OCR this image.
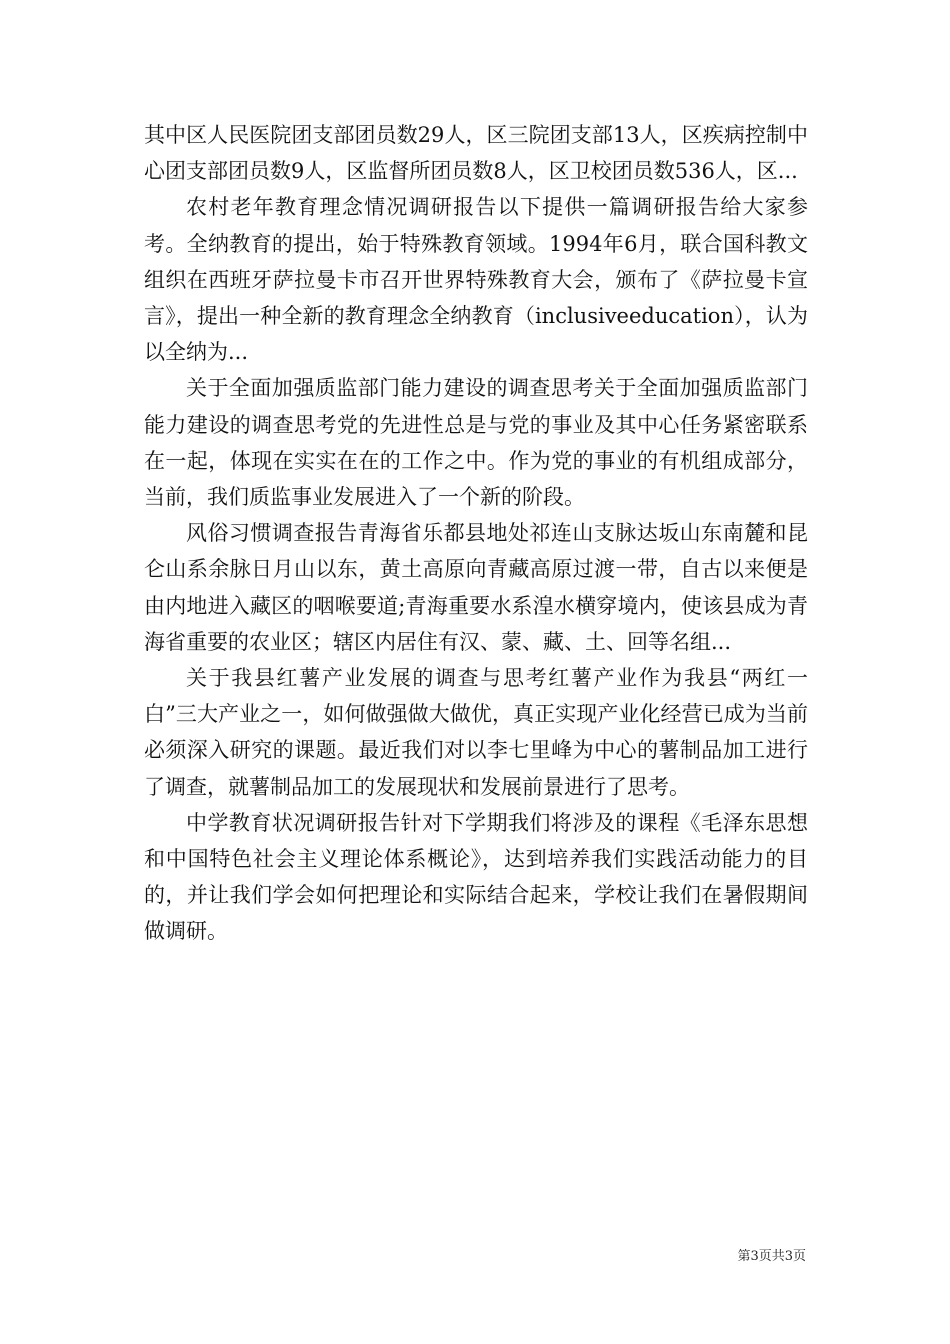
其中区人民医院团支部团员数29人，区三院团支部13人，区疾病控制中心团支部团员数9人，区监督所团员数8人，区卫校团员数536人，区...

农村老年教育理念情况调研报告以下提供一篇调研报告给大家参考。全纳教育的提出，始于特殊教育领域。1994年6月，联合国科教文组织在西班牙萨拉曼卡市召开世界特殊教育大会，颁布了《萨拉曼卡宣言》，提出一种全新的教育理念全纳教育（inclusiveeducation），认为以全纳为...

关于全面加强质监部门能力建设的调查思考关于全面加强质监部门能力建设的调查思考党的先进性总是与党的事业及其中心任务紧密联系在一起，体现在实实在在的工作之中。作为党的事业的有机组成部分，当前，我们质监事业发展进入了一个新的阶段。

风俗习惯调查报告青海省乐都县地处祁连山支脉达坂山东南麓和昆仑山系余脉日月山以东，黄土高原向青藏高原过渡一带，自古以来便是由内地进入藏区的咽喉要道;青海重要水系湟水横穿境内，使该县成为青海省重要的农业区；辖区内居住有汉、蒙、藏、土、回等名组...

关于我县红薯产业发展的调查与思考红薯产业作为我县“两红一白”三大产业之一，如何做强做大做优，真正实现产业化经营已成为当前必须深入研究的课题。最近我们对以李七里峰为中心的薯制品加工进行了调查，就薯制品加工的发展现状和发展前景进行了思考。

中学教育状况调研报告针对下学期我们将涉及的课程《毛泽东思想和中国特色社会主义理论体系概论》，达到培养我们实践活动能力的目的，并让我们学会如何把理论和实际结合起来，学校让我们在暑假期间做调研。

第3页共3页
